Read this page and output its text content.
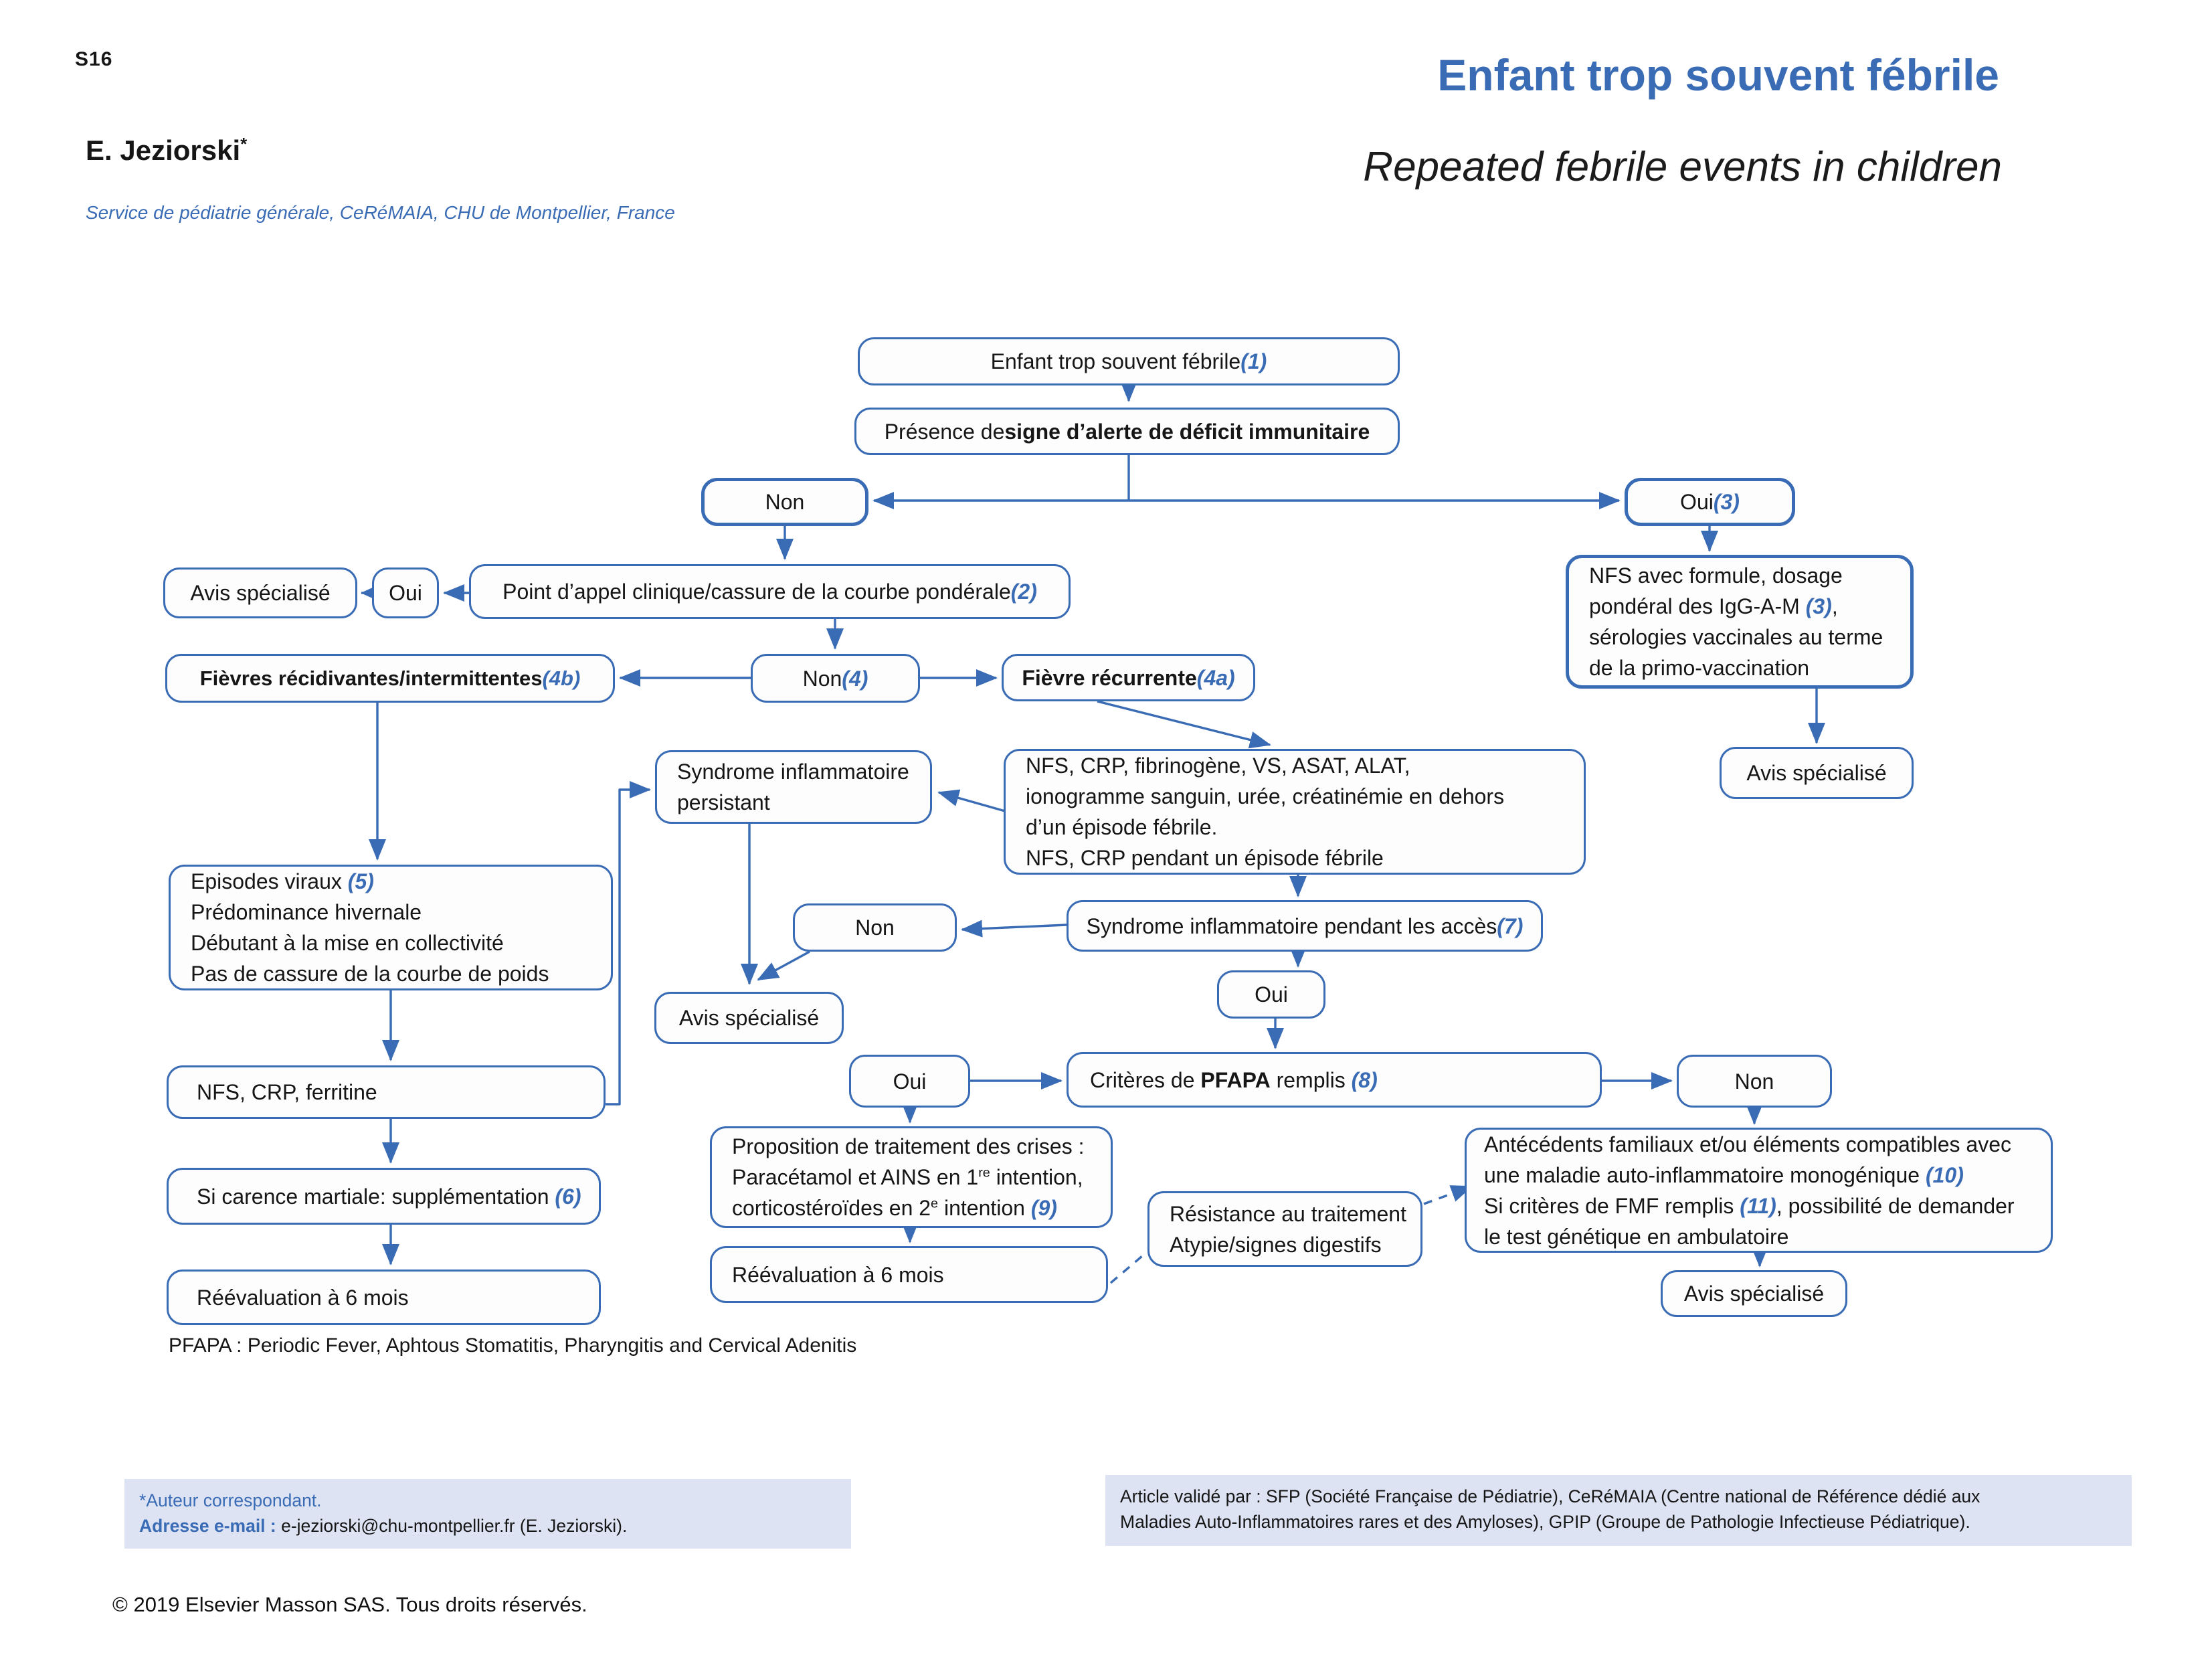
S16
E. Jeziorski*
Service de pédiatrie générale, CeRéMAIA, CHU de Montpellier, France
Enfant trop souvent fébrile
Repeated febrile events in children
Enfant trop souvent fébrile (1)
Présence de signe d’alerte de déficit immunitaire
Non	Oui (3)
Avis spécialisé	Oui	Point d’appel clinique/cassure de la courbe pondérale (2)
NFS avec formule, dosage
pondéral des IgG-A-M (3),
sérologies vaccinales au terme
de la primo-vaccination
Avis spécialisé
Fièvres récidivantes/intermittentes (4b)	Non (4)	Fièvre récurrente (4a)
NFS, CRP, fibrinogène, VS, ASAT, ALAT,
ionogramme sanguin, urée, créatinémie en dehors
d’un épisode fébrile.
NFS, CRP pendant un épisode fébrile
Syndrome inflammatoire
persistant
Episodes viraux (5)
Prédominance hivernale
Débutant à la mise en collectivité
Pas de cassure de la courbe de poids
NFS, CRP, ferritine
Si carence martiale: supplémentation (6)
Réévaluation à 6 mois
Avis spécialisé
Non	Syndrome inflammatoire pendant les accès (7)
Oui
Oui	Critères de PFAPA remplis (8)	Non
Proposition de traitement des crises :
Paracétamol et AINS en 1re intention,
corticostéroïdes en 2e intention (9)
Réévaluation à 6 mois
Résistance au traitement
Atypie/signes digestifs
Antécédents familiaux et/ou éléments compatibles avec
une maladie auto-inflammatoire monogénique (10)
Si critères de FMF remplis (11), possibilité de demander
le test génétique en ambulatoire
Avis spécialisé
PFAPA : Periodic Fever, Aphtous Stomatitis, Pharyngitis and Cervical Adenitis
*Auteur correspondant.
Adresse e-mail : e-jeziorski@chu-montpellier.fr (E. Jeziorski).
Article validé par : SFP (Société Française de Pédiatrie), CeRéMAIA (Centre national de Référence dédié aux
Maladies Auto-Inflammatoires rares et des Amyloses), GPIP (Groupe de Pathologie Infectieuse Pédiatrique).
© 2019 Elsevier Masson SAS. Tous droits réservés.
